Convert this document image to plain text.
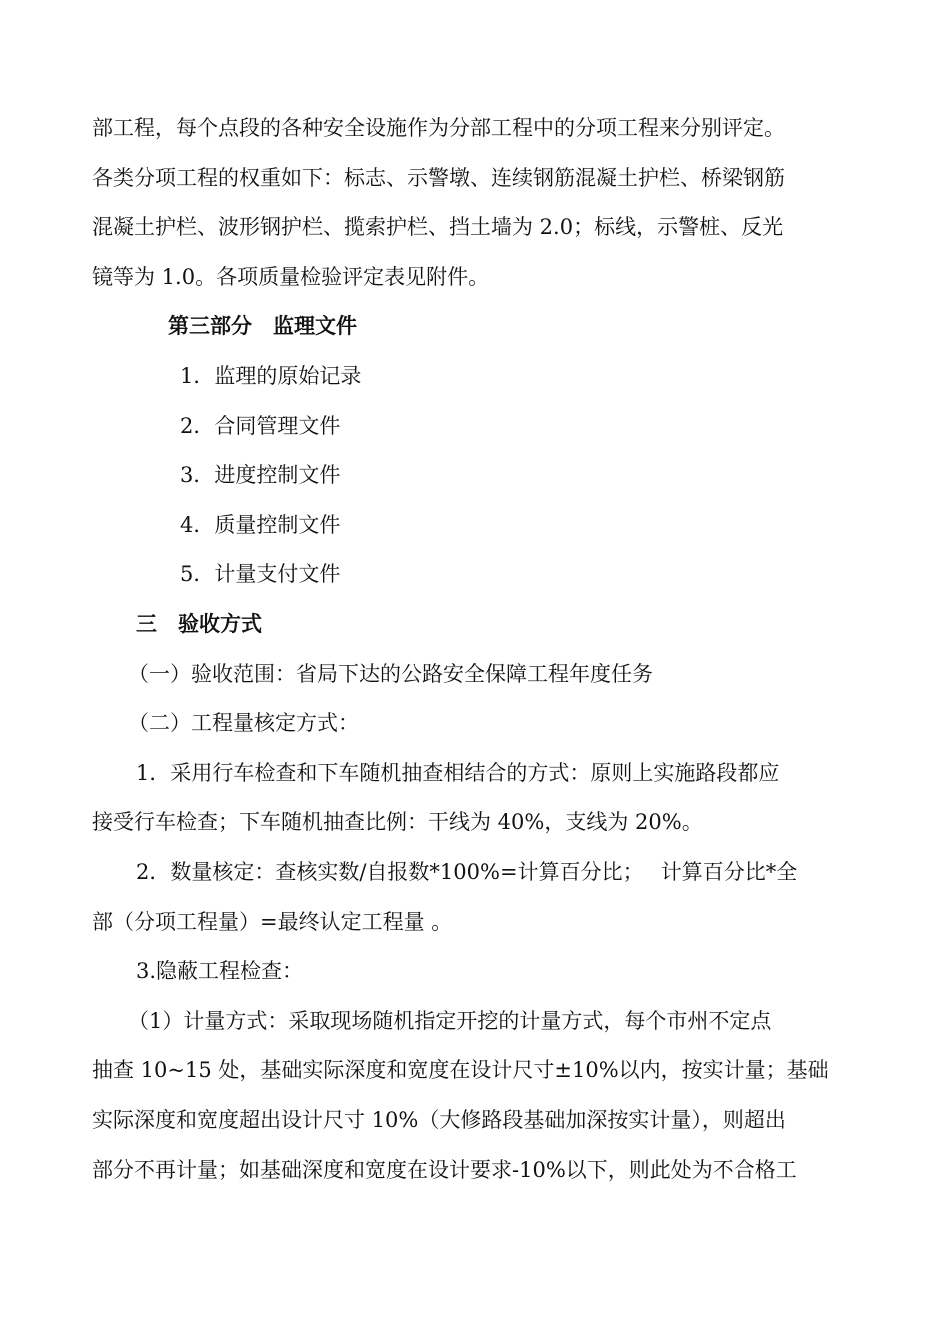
部工程，每个点段的各种安全设施作为分部工程中的分项工程来分别评定。
各类分项工程的权重如下：标志、示警墩、连续钢筋混凝土护栏、桥梁钢筋
混凝土护栏、波形钢护栏、揽索护栏、挡土墙为 2.0；标线，示警桩、反光
镜等为 1.0。各项质量检验评定表见附件。
第三部分　监理文件
1．监理的原始记录
2．合同管理文件
3．进度控制文件
4．质量控制文件
5．计量支付文件
三　验收方式
（一）验收范围：省局下达的公路安全保障工程年度任务
（二）工程量核定方式：
1．采用行车检查和下车随机抽查相结合的方式：原则上实施路段都应
接受行车检查；下车随机抽查比例：干线为 40%，支线为 20%。
2．数量核定：查核实数/自报数*100%=计算百分比；　 计算百分比*全
部（分项工程量）=最终认定工程量 。
3.隐蔽工程检查：
（1）计量方式：采取现场随机指定开挖的计量方式，每个市州不定点
抽查 10~15 处，基础实际深度和宽度在设计尺寸±10%以内，按实计量；基础
实际深度和宽度超出设计尺寸 10%（大修路段基础加深按实计量），则超出
部分不再计量；如基础深度和宽度在设计要求-10%以下，则此处为不合格工
